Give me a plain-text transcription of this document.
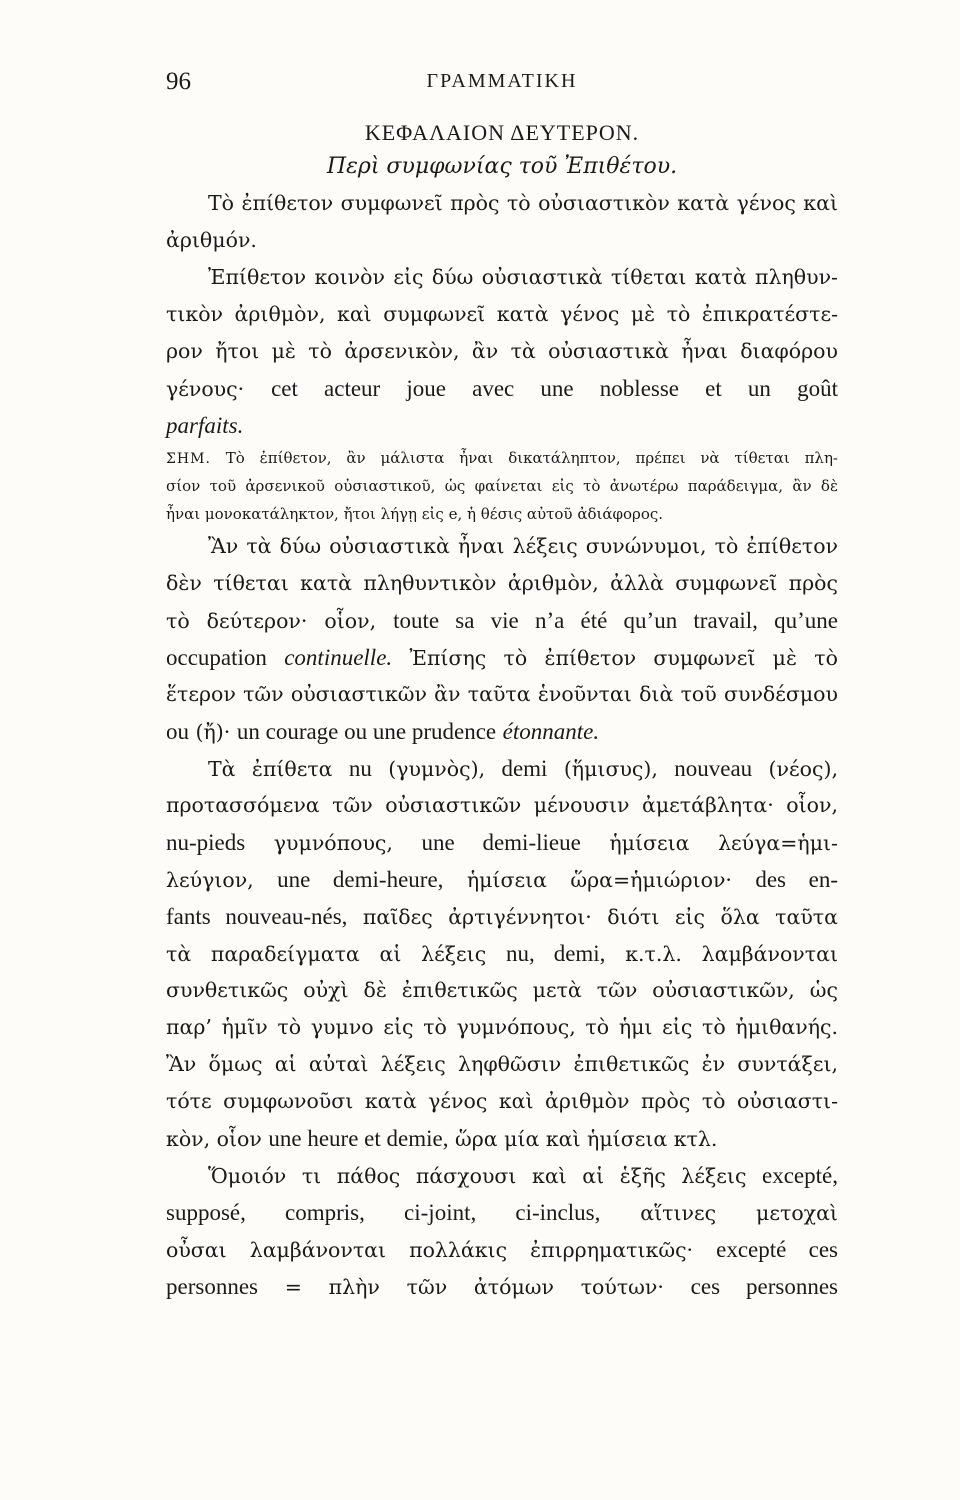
96	ΓΡΑΜΜΑΤΙΚΗ
ΚΕΦΑΛΑΙΟΝ ΔΕΥΤΕΡΟΝ.
Περὶ συμφωνίας τοῦ Ἐπιθέτου.
Τὸ ἐπίθετον συμφωνεῖ πρὸς τὸ οὐσιαστικὸν κατὰ γένος καὶ
ἀριθμόν.
Ἐπίθετον κοινὸν εἰς δύω οὐσιαστικὰ τίθεται κατὰ πληθυν-
τικὸν ἀριθμὸν, καὶ συμφωνεῖ κατὰ γένος μὲ τὸ ἐπικρατέστε-
ρον ἤτοι μὲ τὸ ἀρσενικὸν, ἂν τὰ οὐσιαστικὰ ἦναι διαφόρου
γένους· cet acteur joue avec une noblesse et un goût
parfaits.
ΣΗΜ. Τὸ ἐπίθετον, ἂν μάλιστα ἦναι δικατάληπτον, πρέπει νὰ τίθεται πλη-
σίον τοῦ ἀρσενικοῦ οὐσιαστικοῦ, ὡς φαίνεται εἰς τὸ ἀνωτέρω παράδειγμα, ἂν δὲ
ἦναι μονοκατάληκτον, ἤτοι λήγῃ εἰς e, ἡ θέσις αὐτοῦ ἀδιάφορος.
Ἂν τὰ δύω οὐσιαστικὰ ἦναι λέξεις συνώνυμοι, τὸ ἐπίθετον
δὲν τίθεται κατὰ πληθυντικὸν ἀριθμὸν, ἀλλὰ συμφωνεῖ πρὸς
τὸ δεύτερον· οἷον, toute sa vie n’a été qu’un travail, qu’une
occupation continuelle. Ἐπίσης τὸ ἐπίθετον συμφωνεῖ μὲ τὸ
ἕτερον τῶν οὐσιαστικῶν ἂν ταῦτα ἑνοῦνται διὰ τοῦ συνδέσμου
ou (ἤ)· un courage ou une prudence étonnante.
Τὰ ἐπίθετα nu (γυμνὸς), demi (ἥμισυς), nouveau (νέος),
προτασσόμενα τῶν οὐσιαστικῶν μένουσιν ἀμετάβλητα· οἷον,
nu-pieds γυμνόπους, une demi-lieue ἡμίσεια λεύγα=ἡμι-
λεύγιον, une demi-heure, ἡμίσεια ὥρα=ἡμιώριον· des en-
fants nouveau-nés, παῖδες ἀρτιγέννητοι· διότι εἰς ὅλα ταῦτα
τὰ παραδείγματα αἱ λέξεις nu, demi, κ.τ.λ. λαμβάνονται
συνθετικῶς οὐχὶ δὲ ἐπιθετικῶς μετὰ τῶν οὐσιαστικῶν, ὡς
παρ’ ἡμῖν τὸ γυμνο εἰς τὸ γυμνόπους, τὸ ἡμι εἰς τὸ ἡμιθανής.
Ἂν ὅμως αἱ αὐταὶ λέξεις ληφθῶσιν ἐπιθετικῶς ἐν συντάξει,
τότε συμφωνοῦσι κατὰ γένος καὶ ἀριθμὸν πρὸς τὸ οὐσιαστι-
κὸν, οἷον une heure et demie, ὥρα μία καὶ ἡμίσεια κτλ.
Ὅμοιόν τι πάθος πάσχουσι καὶ αἱ ἑξῆς λέξεις excepté,
supposé, compris, ci-joint, ci-inclus, αἵτινες μετοχαὶ
οὖσαι λαμβάνονται πολλάκις ἐπιρρηματικῶς· excepté ces
personnes = πλὴν τῶν ἀτόμων τούτων· ces personnes
